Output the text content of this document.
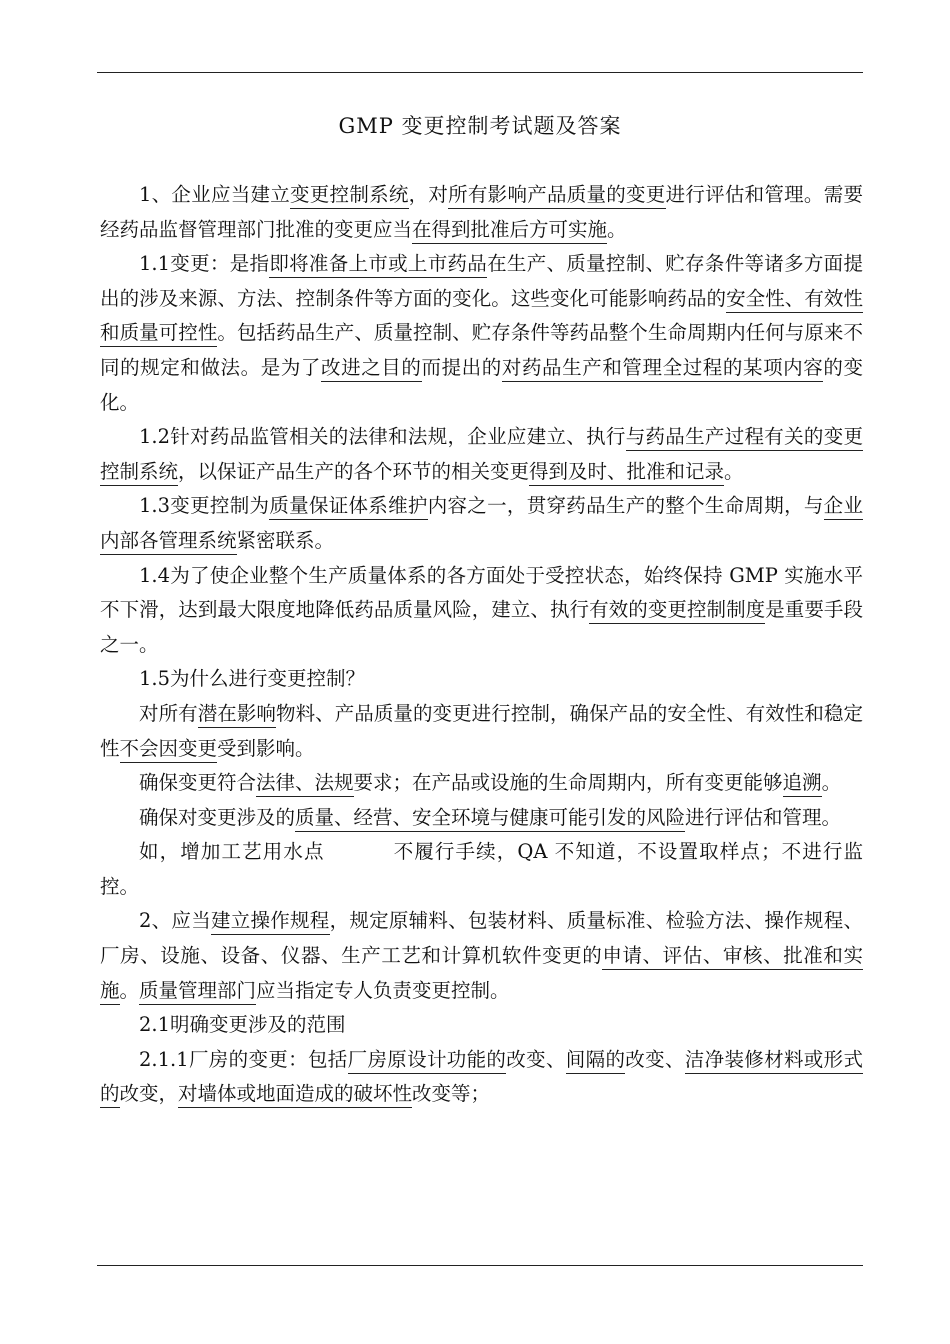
GMP 变更控制考试题及答案

1、企业应当建立变更控制系统，对所有影响产品质量的变更进行评估和管理。需要经药品监督管理部门批准的变更应当在得到批准后方可实施。

1.1变更：是指即将准备上市或上市药品在生产、质量控制、贮存条件等诸多方面提出的涉及来源、方法、控制条件等方面的变化。这些变化可能影响药品的安全性、有效性和质量可控性。包括药品生产、质量控制、贮存条件等药品整个生命周期内任何与原来不同的规定和做法。是为了改进之目的而提出的对药品生产和管理全过程的某项内容的变化。

1.2针对药品监管相关的法律和法规，企业应建立、执行与药品生产过程有关的变更控制系统，以保证产品生产的各个环节的相关变更得到及时、批准和记录。

1.3变更控制为质量保证体系维护内容之一，贯穿药品生产的整个生命周期，与企业内部各管理系统紧密联系。

1.4为了使企业整个生产质量体系的各方面处于受控状态，始终保持 GMP 实施水平不下滑，达到最大限度地降低药品质量风险，建立、执行有效的变更控制制度是重要手段之一。

1.5为什么进行变更控制？

对所有潜在影响物料、产品质量的变更进行控制，确保产品的安全性、有效性和稳定性不会因变更受到影响。

确保变更符合法律、法规要求；在产品或设施的生命周期内，所有变更能够追溯。

确保对变更涉及的质量、经营、安全环境与健康可能引发的风险进行评估和管理。

如，增加工艺用水点	不履行手续，QA 不知道，不设置取样点；不进行监控。

2、应当建立操作规程，规定原辅料、包装材料、质量标准、检验方法、操作规程、厂房、设施、设备、仪器、生产工艺和计算机软件变更的申请、评估、审核、批准和实施。质量管理部门应当指定专人负责变更控制。

2.1明确变更涉及的范围

2.1.1厂房的变更：包括厂房原设计功能的改变、间隔的改变、洁净装修材料或形式的改变，对墙体或地面造成的破坏性改变等；
